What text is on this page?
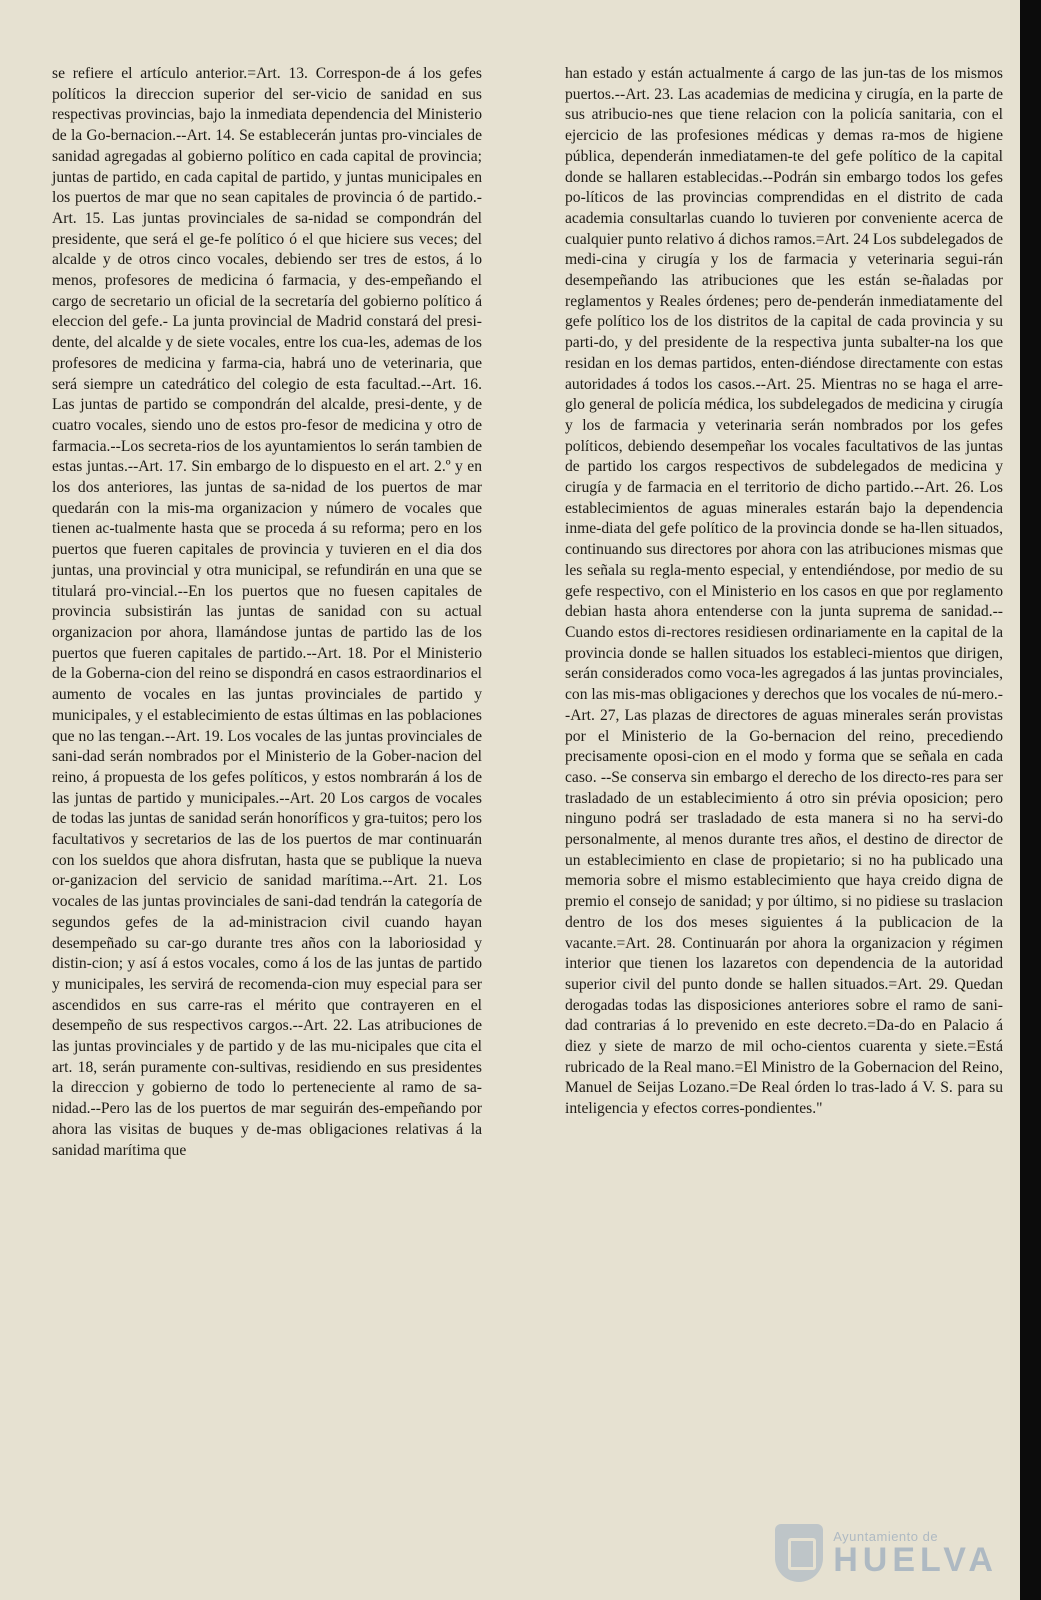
se refiere el artículo anterior.=Art. 13. Correspon-de á los gefes políticos la direccion superior del ser-vicio de sanidad en sus respectivas provincias, bajo la inmediata dependencia del Ministerio de la Go-bernacion.--Art. 14. Se establecerán juntas pro-vinciales de sanidad agregadas al gobierno político en cada capital de provincia; juntas de partido, en cada capital de partido, y juntas municipales en los puertos de mar que no sean capitales de provincia ó de partido.- Art. 15. Las juntas provinciales de sa-nidad se compondrán del presidente, que será el ge-fe político ó el que hiciere sus veces; del alcalde y de otros cinco vocales, debiendo ser tres de estos, á lo menos, profesores de medicina ó farmacia, y des-empeñando el cargo de secretario un oficial de la secretaría del gobierno político á eleccion del gefe.- La junta provincial de Madrid constará del presi-dente, del alcalde y de siete vocales, entre los cua-les, ademas de los profesores de medicina y farma-cia, habrá uno de veterinaria, que será siempre un catedrático del colegio de esta facultad.--Art. 16. Las juntas de partido se compondrán del alcalde, presi-dente, y de cuatro vocales, siendo uno de estos pro-fesor de medicina y otro de farmacia.--Los secreta-rios de los ayuntamientos lo serán tambien de estas juntas.--Art. 17. Sin embargo de lo dispuesto en el art. 2.º y en los dos anteriores, las juntas de sa-nidad de los puertos de mar quedarán con la mis-ma organizacion y número de vocales que tienen ac-tualmente hasta que se proceda á su reforma; pero en los puertos que fueren capitales de provincia y tuvieren en el dia dos juntas, una provincial y otra municipal, se refundirán en una que se titulará pro-vincial.--En los puertos que no fuesen capitales de provincia subsistirán las juntas de sanidad con su actual organizacion por ahora, llamándose juntas de partido las de los puertos que fueren capitales de partido.--Art. 18. Por el Ministerio de la Goberna-cion del reino se dispondrá en casos estraordinarios el aumento de vocales en las juntas provinciales de partido y municipales, y el establecimiento de estas últimas en las poblaciones que no las tengan.--Art. 19. Los vocales de las juntas provinciales de sani-dad serán nombrados por el Ministerio de la Gober-nacion del reino, á propuesta de los gefes políticos, y estos nombrarán á los de las juntas de partido y municipales.--Art. 20 Los cargos de vocales de todas las juntas de sanidad serán honoríficos y gra-tuitos; pero los facultativos y secretarios de las de los puertos de mar continuarán con los sueldos que ahora disfrutan, hasta que se publique la nueva or-ganizacion del servicio de sanidad marítima.--Art. 21. Los vocales de las juntas provinciales de sani-dad tendrán la categoría de segundos gefes de la ad-ministracion civil cuando hayan desempeñado su car-go durante tres años con la laboriosidad y distin-cion; y así á estos vocales, como á los de las juntas de partido y municipales, les servirá de recomenda-cion muy especial para ser ascendidos en sus carre-ras el mérito que contrayeren en el desempeño de sus respectivos cargos.--Art. 22. Las atribuciones de las juntas provinciales y de partido y de las mu-nicipales que cita el art. 18, serán puramente con-sultivas, residiendo en sus presidentes la direccion y gobierno de todo lo perteneciente al ramo de sa-nidad.--Pero las de los puertos de mar seguirán des-empeñando por ahora las visitas de buques y de-mas obligaciones relativas á la sanidad marítima que

han estado y están actualmente á cargo de las jun-tas de los mismos puertos.--Art. 23. Las academias de medicina y cirugía, en la parte de sus atribucio-nes que tiene relacion con la policía sanitaria, con el ejercicio de las profesiones médicas y demas ra-mos de higiene pública, dependerán inmediatamen-te del gefe político de la capital donde se hallaren establecidas.--Podrán sin embargo todos los gefes po-líticos de las provincias comprendidas en el distrito de cada academia consultarlas cuando lo tuvieren por conveniente acerca de cualquier punto relativo á dichos ramos.=Art. 24 Los subdelegados de medi-cina y cirugía y los de farmacia y veterinaria segui-rán desempeñando las atribuciones que les están se-ñaladas por reglamentos y Reales órdenes; pero de-penderán inmediatamente del gefe político los de los distritos de la capital de cada provincia y su parti-do, y del presidente de la respectiva junta subalter-na los que residan en los demas partidos, enten-diéndose directamente con estas autoridades á todos los casos.--Art. 25. Mientras no se haga el arre-glo general de policía médica, los subdelegados de medicina y cirugía y los de farmacia y veterinaria serán nombrados por los gefes políticos, debiendo desempeñar los vocales facultativos de las juntas de partido los cargos respectivos de subdelegados de medicina y cirugía y de farmacia en el territorio de dicho partido.--Art. 26. Los establecimientos de aguas minerales estarán bajo la dependencia inme-diata del gefe político de la provincia donde se ha-llen situados, continuando sus directores por ahora con las atribuciones mismas que les señala su regla-mento especial, y entendiéndose, por medio de su gefe respectivo, con el Ministerio en los casos en que por reglamento debian hasta ahora entenderse con la junta suprema de sanidad.--Cuando estos di-rectores residiesen ordinariamente en la capital de la provincia donde se hallen situados los estableci-mientos que dirigen, serán considerados como voca-les agregados á las juntas provinciales, con las mis-mas obligaciones y derechos que los vocales de nú-mero.--Art. 27, Las plazas de directores de aguas minerales serán provistas por el Ministerio de la Go-bernacion del reino, precediendo precisamente oposi-cion en el modo y forma que se señala en cada caso. --Se conserva sin embargo el derecho de los directo-res para ser trasladado de un establecimiento á otro sin prévia oposicion; pero ninguno podrá ser trasladado de esta manera si no ha servi-do personalmente, al menos durante tres años, el destino de director de un establecimiento en clase de propietario; si no ha publicado una memoria sobre el mismo establecimiento que haya creido digna de premio el consejo de sanidad; y por último, si no pidiese su traslacion dentro de los dos meses siguientes á la publicacion de la vacante.=Art. 28. Continuarán por ahora la organizacion y régimen interior que tienen los lazaretos con dependencia de la autoridad superior civil del punto donde se hallen situados.=Art. 29. Quedan derogadas todas las disposiciones anteriores sobre el ramo de sani-dad contrarias á lo prevenido en este decreto.=Da-do en Palacio á diez y siete de marzo de mil ocho-cientos cuarenta y siete.=Está rubricado de la Real mano.=El Ministro de la Gobernacion del Reino, Manuel de Seijas Lozano.=De Real órden lo tras-lado á V. S. para su inteligencia y efectos corres-pondientes."

Ayuntamiento de
HUELVA
